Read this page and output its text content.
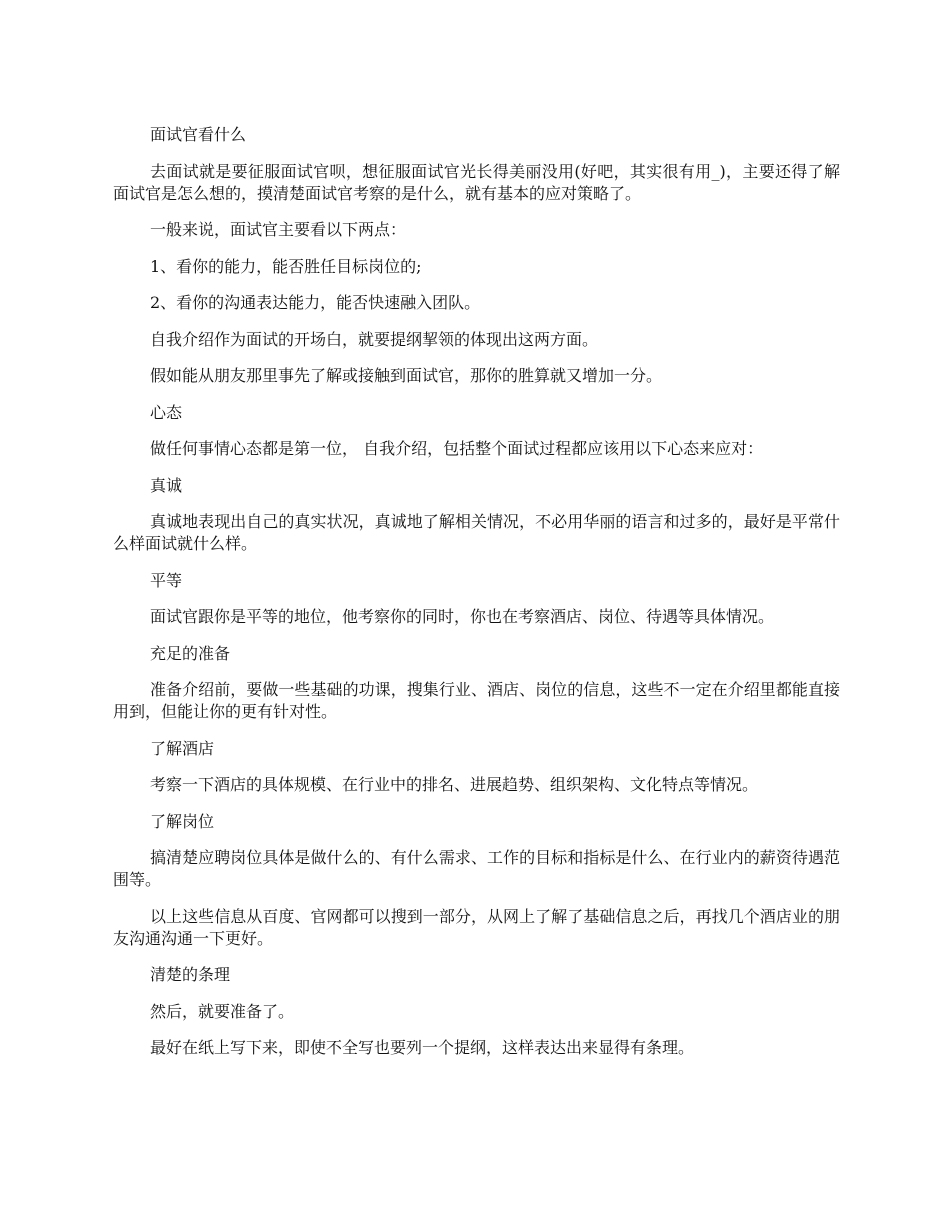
面试官看什么

去面试就是要征服面试官呗，想征服面试官光长得美丽没用(好吧，其实很有用_)，主要还得了解面试官是怎么想的，摸清楚面试官考察的是什么，就有基本的应对策略了。

一般来说，面试官主要看以下两点：

1、看你的能力，能否胜任目标岗位的;

2、看你的沟通表达能力，能否快速融入团队。

自我介绍作为面试的开场白，就要提纲挈领的体现出这两方面。

假如能从朋友那里事先了解或接触到面试官，那你的胜算就又增加一分。

心态

做任何事情心态都是第一位， 自我介绍，包括整个面试过程都应该用以下心态来应对：

真诚

真诚地表现出自己的真实状况，真诚地了解相关情况，不必用华丽的语言和过多的，最好是平常什么样面试就什么样。

平等

面试官跟你是平等的地位，他考察你的同时，你也在考察酒店、岗位、待遇等具体情况。

充足的准备

准备介绍前，要做一些基础的功课，搜集行业、酒店、岗位的信息，这些不一定在介绍里都能直接用到，但能让你的更有针对性。

了解酒店

考察一下酒店的具体规模、在行业中的排名、进展趋势、组织架构、文化特点等情况。

了解岗位

搞清楚应聘岗位具体是做什么的、有什么需求、工作的目标和指标是什么、在行业内的薪资待遇范围等。

以上这些信息从百度、官网都可以搜到一部分，从网上了解了基础信息之后，再找几个酒店业的朋友沟通沟通一下更好。

清楚的条理

然后，就要准备了。

最好在纸上写下来，即使不全写也要列一个提纲，这样表达出来显得有条理。
